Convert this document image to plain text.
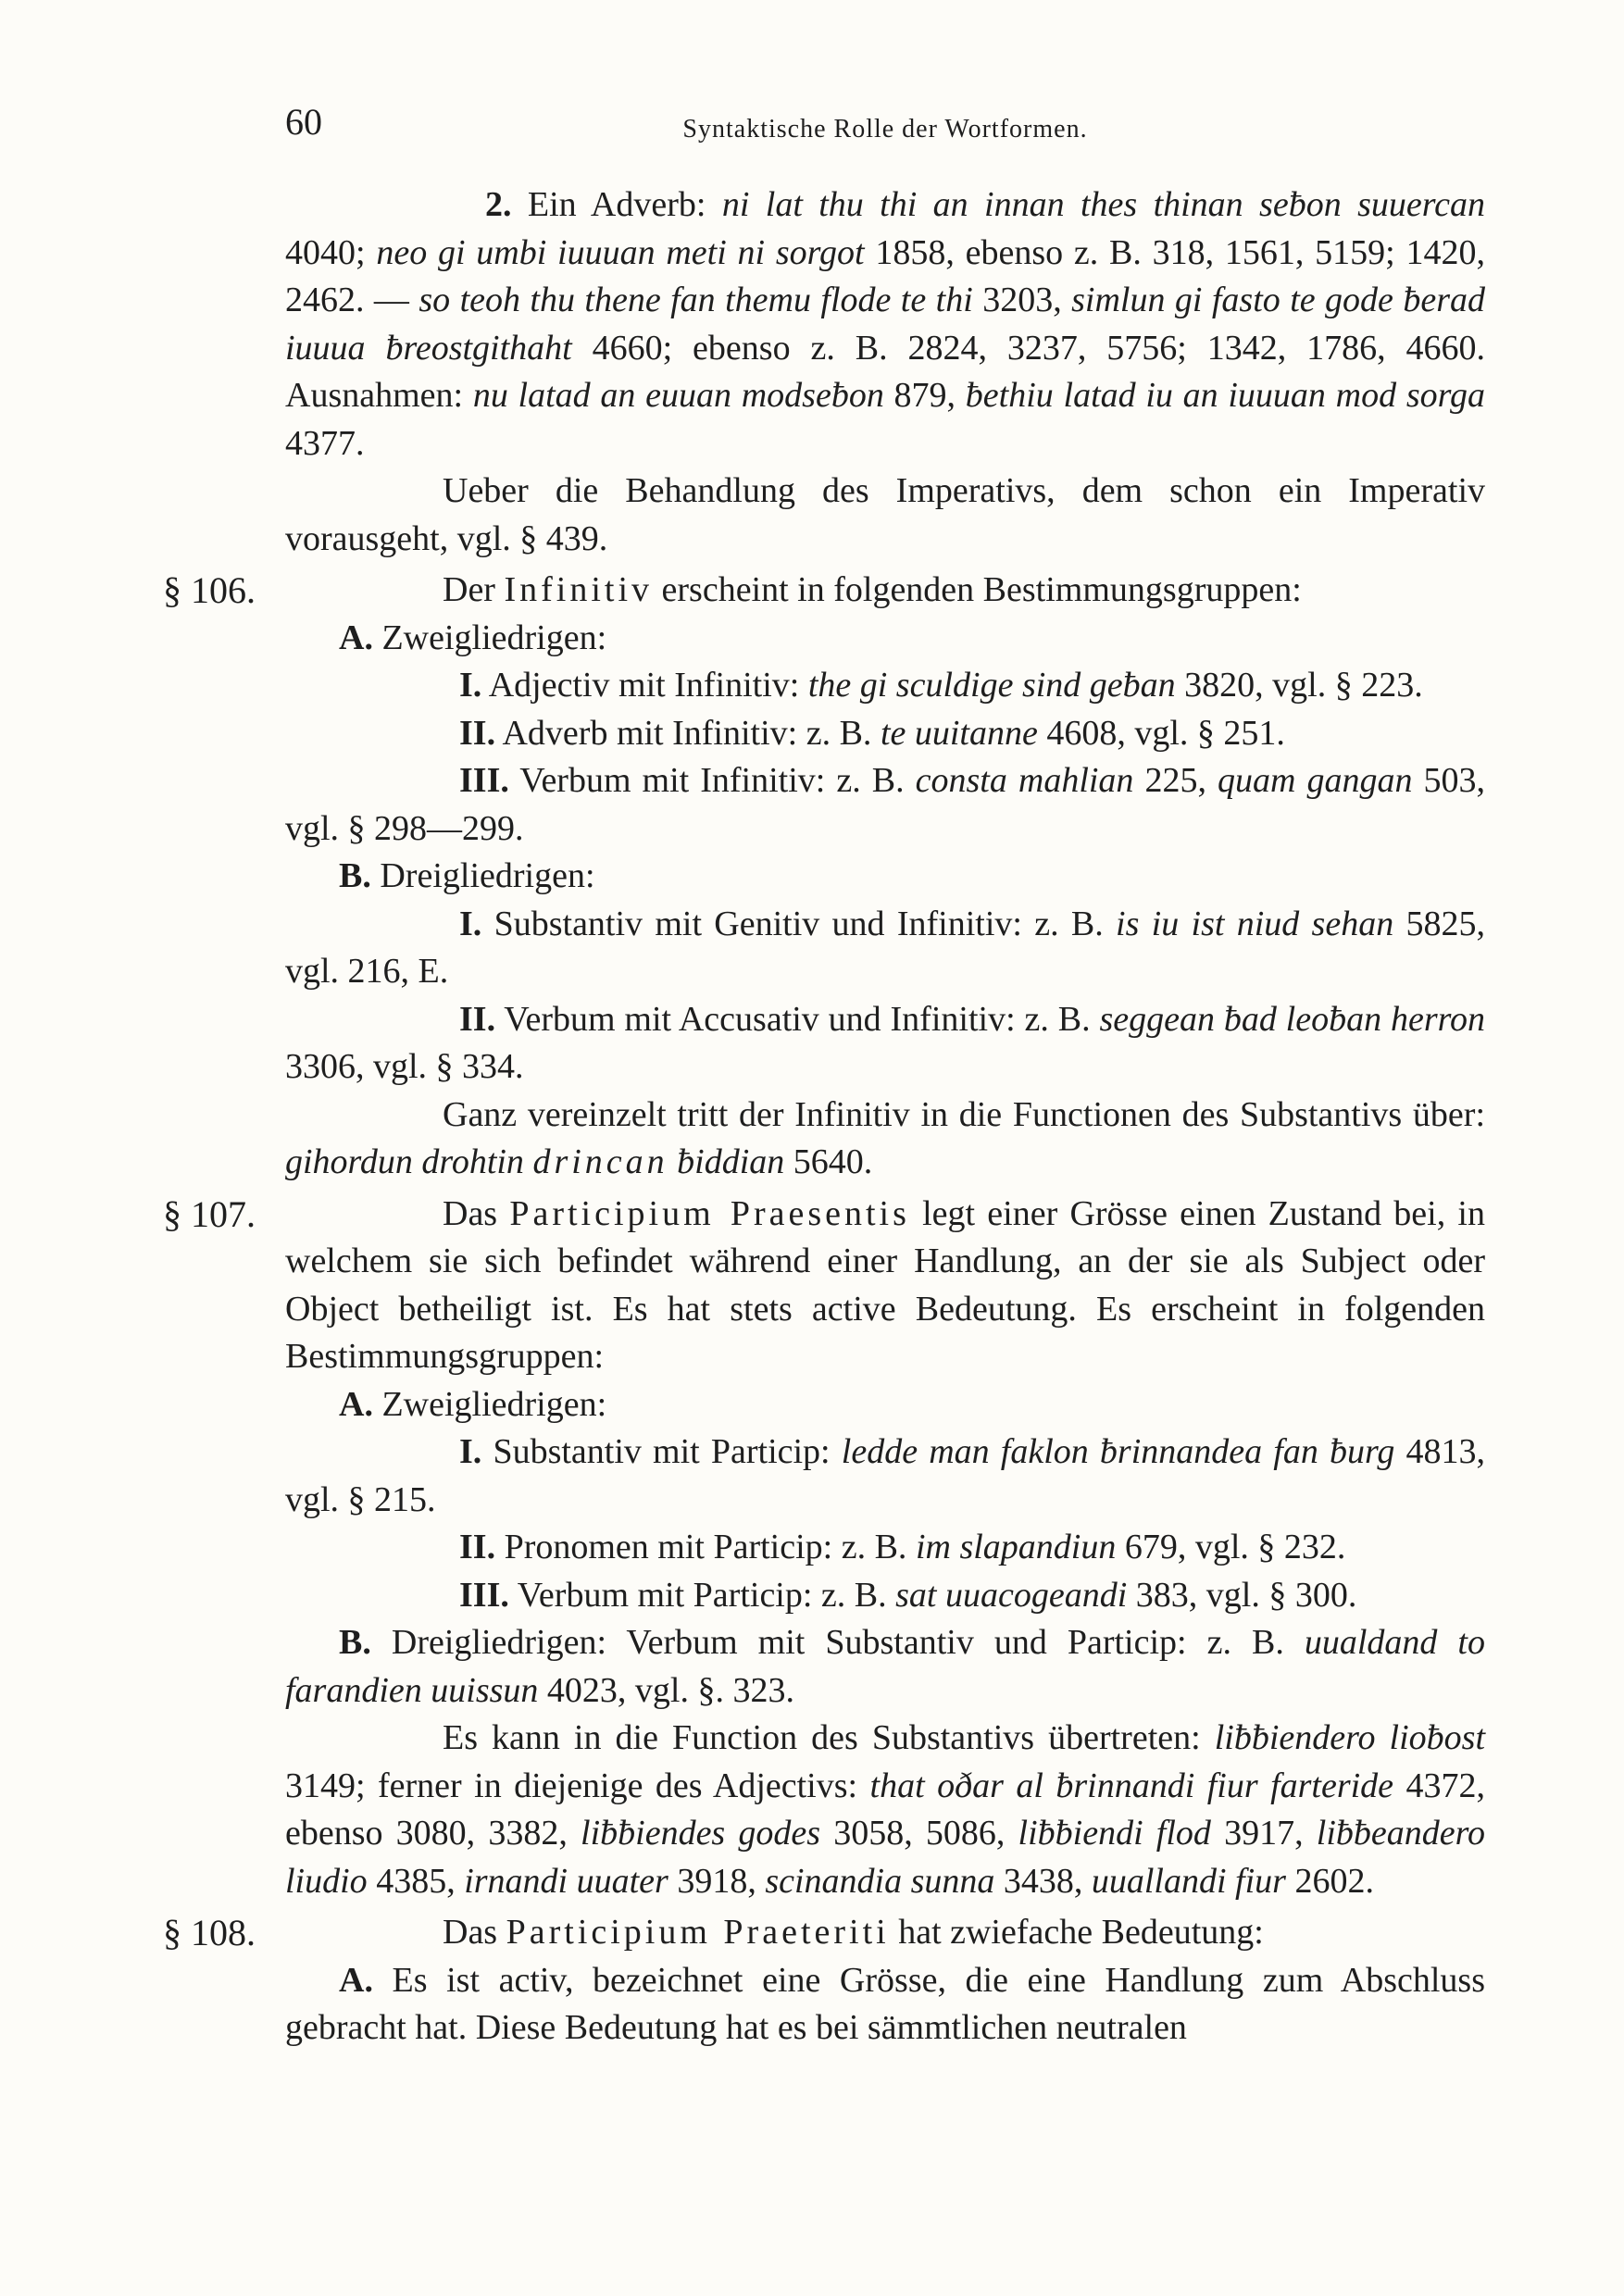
60	Syntaktische Rolle der Wortformen.

2. Ein Adverb: ni lat thu thi an innan thes thinan seƀon suuercan 4040; neo gi umbi iuuuan meti ni sorgot 1858, ebenso z. B. 318, 1561, 5159; 1420, 2462. — so teoh thu thene fan themu flode te thi 3203, simlun gi fasto te gode ƀerad iuuua ƀreostgithaht 4660; ebenso z. B. 2824, 3237, 5756; 1342, 1786, 4660. Ausnahmen: nu latad an euuan modseƀon 879, ƀethiu latad iu an iuuuan mod sorga 4377.

Ueber die Behandlung des Imperativs, dem schon ein Imperativ vorausgeht, vgl. § 439.

§ 106.	Der Infinitiv erscheint in folgenden Bestimmungsgruppen:

A. Zweigliedrigen:

I. Adjectiv mit Infinitiv: the gi sculdige sind geƀan 3820, vgl. § 223.

II. Adverb mit Infinitiv: z. B. te uuitanne 4608, vgl. § 251.

III. Verbum mit Infinitiv: z. B. consta mahlian 225, quam gangan 503, vgl. § 298—299.

B. Dreigliedrigen:

I. Substantiv mit Genitiv und Infinitiv: z. B. is iu ist niud sehan 5825, vgl. 216, E.

II. Verbum mit Accusativ und Infinitiv: z. B. seggean ƀad leoƀan herron 3306, vgl. § 334.

Ganz vereinzelt tritt der Infinitiv in die Functionen des Substantivs über: gihordun drohtin drincan ƀiddian 5640.

§ 107.	Das Participium Praesentis legt einer Grösse einen Zustand bei, in welchem sie sich befindet während einer Handlung, an der sie als Subject oder Object betheiligt ist. Es hat stets active Bedeutung. Es erscheint in folgenden Bestimmungsgruppen:

A. Zweigliedrigen:

I. Substantiv mit Particip: ledde man faklon ƀrinnandea fan ƀurg 4813, vgl. § 215.

II. Pronomen mit Particip: z. B. im slapandiun 679, vgl. § 232.

III. Verbum mit Particip: z. B. sat uuacogeandi 383, vgl. § 300.

B. Dreigliedrigen: Verbum mit Substantiv und Particip: z. B. uualdand to farandien uuissun 4023, vgl. §. 323.

Es kann in die Function des Substantivs übertreten: liƀƀiendero lioƀost 3149; ferner in diejenige des Adjectivs: that oðar al ƀrinnandi fiur farteride 4372, ebenso 3080, 3382, liƀƀiendes godes 3058, 5086, liƀƀiendi flod 3917, liƀƀeandero liudio 4385, irnandi uuater 3918, scinandia sunna 3438, uuallandi fiur 2602.

§ 108.	Das Participium Praeteriti hat zwiefache Bedeutung:

A. Es ist activ, bezeichnet eine Grösse, die eine Handlung zum Abschluss gebracht hat. Diese Bedeutung hat es bei sämmtlichen neutralen
